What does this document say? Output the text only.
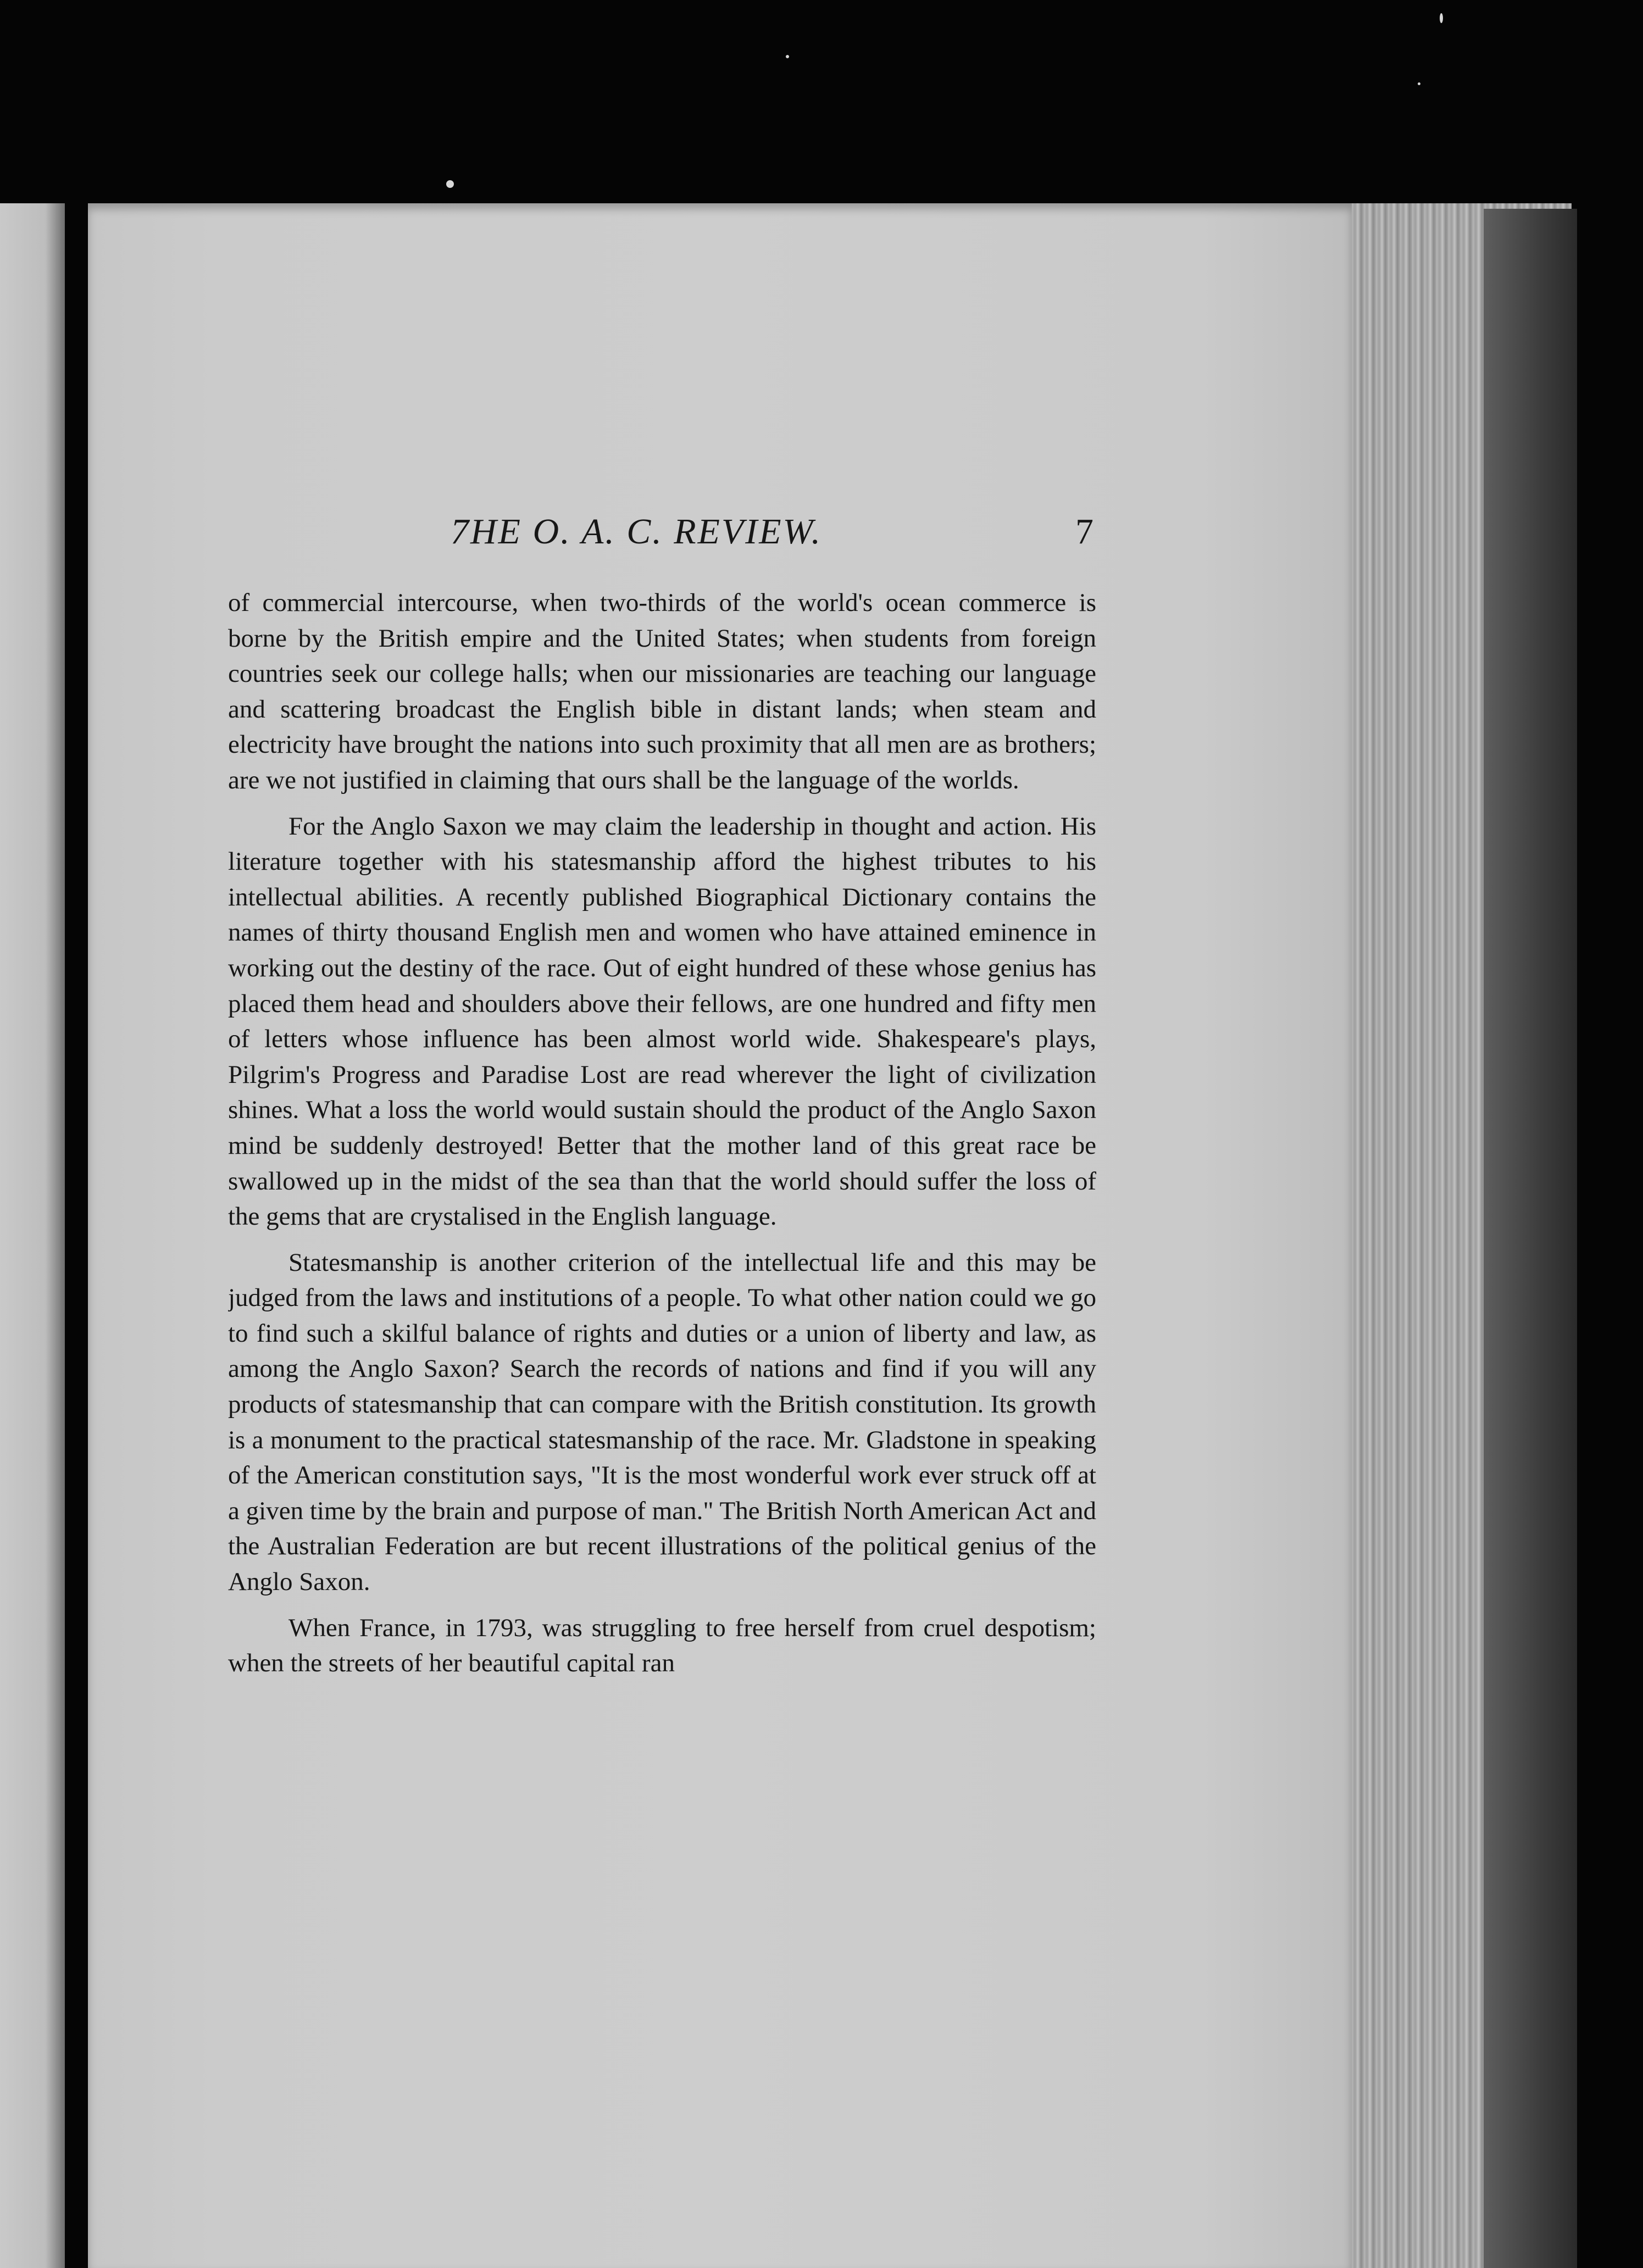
7HE O. A. C. REVIEW.	7

of commercial intercourse, when two-thirds of the world's ocean commerce is borne by the British empire and the United States; when students from foreign countries seek our college halls; when our missionaries are teaching our language and scattering broadcast the English bible in distant lands; when steam and electricity have brought the nations into such proximity that all men are as brothers; are we not justified in claiming that ours shall be the language of the worlds.

For the Anglo Saxon we may claim the leadership in thought and action. His literature together with his statesmanship afford the highest tributes to his intellectual abilities. A recently published Biographical Dictionary contains the names of thirty thousand English men and women who have attained eminence in working out the destiny of the race. Out of eight hundred of these whose genius has placed them head and shoulders above their fellows, are one hundred and fifty men of letters whose influence has been almost world wide. Shakespeare's plays, Pilgrim's Progress and Paradise Lost are read wherever the light of civilization shines. What a loss the world would sustain should the product of the Anglo Saxon mind be suddenly destroyed! Better that the mother land of this great race be swallowed up in the midst of the sea than that the world should suffer the loss of the gems that are crystalised in the English language.

Statesmanship is another criterion of the intellectual life and this may be judged from the laws and institutions of a people. To what other nation could we go to find such a skilful balance of rights and duties or a union of liberty and law, as among the Anglo Saxon? Search the records of nations and find if you will any products of statesmanship that can compare with the British constitution. Its growth is a monument to the practical statesmanship of the race. Mr. Gladstone in speaking of the American constitution says, "It is the most wonderful work ever struck off at a given time by the brain and purpose of man." The British North American Act and the Australian Federation are but recent illustrations of the political genius of the Anglo Saxon.

When France, in 1793, was struggling to free herself from cruel despotism; when the streets of her beautiful capital ran
